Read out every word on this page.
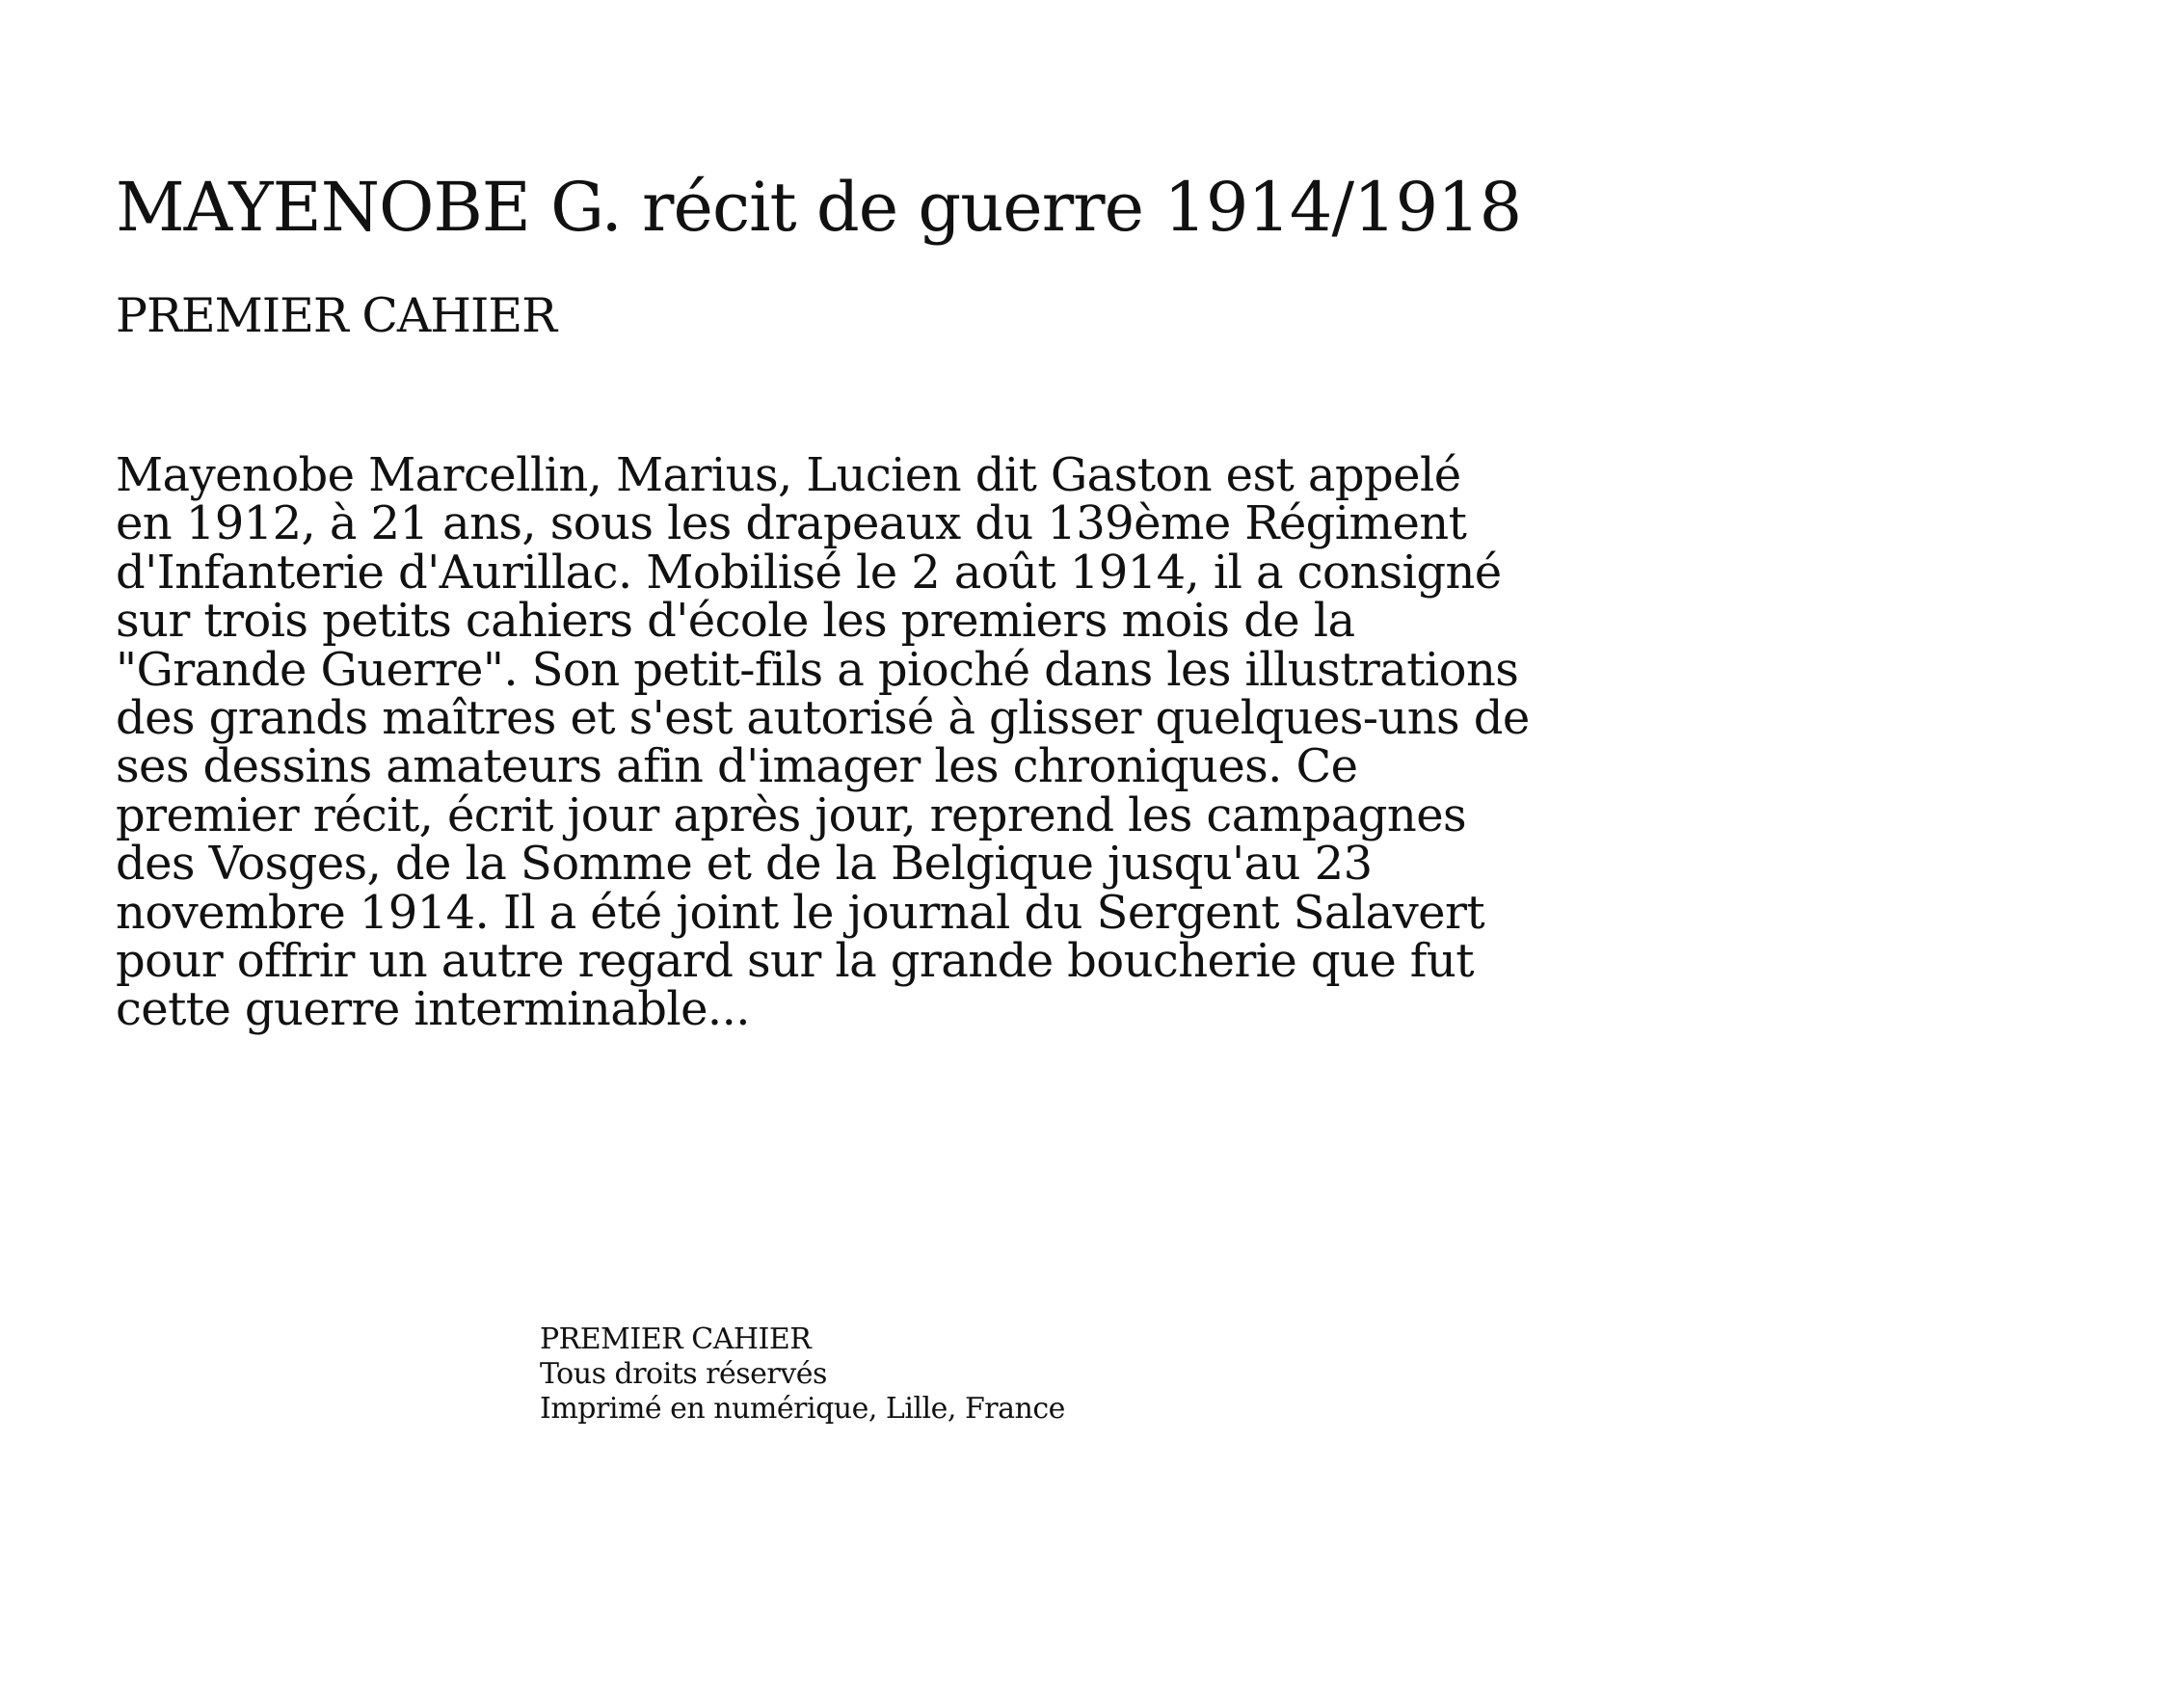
MAYENOBE G. récit de guerre 1914/1918
PREMIER CAHIER
Mayenobe Marcellin, Marius, Lucien dit Gaston est appelé
en 1912, à 21 ans, sous les drapeaux du 139ème Régiment
d'Infanterie d'Aurillac. Mobilisé le 2 août 1914, il a consigné
sur trois petits cahiers d'école les premiers mois de la
"Grande Guerre". Son petit-fils a pioché dans les illustrations
des grands maîtres et s'est autorisé à glisser quelques-uns de
ses dessins amateurs afin d'imager les chroniques. Ce
premier récit, écrit jour après jour, reprend les campagnes
des Vosges, de la Somme et de la Belgique jusqu'au 23
novembre 1914. Il a été joint le journal du Sergent Salavert
pour offrir un autre regard sur la grande boucherie que fut
cette guerre interminable...
PREMIER CAHIER
Tous droits réservés
Imprimé en numérique, Lille, France
